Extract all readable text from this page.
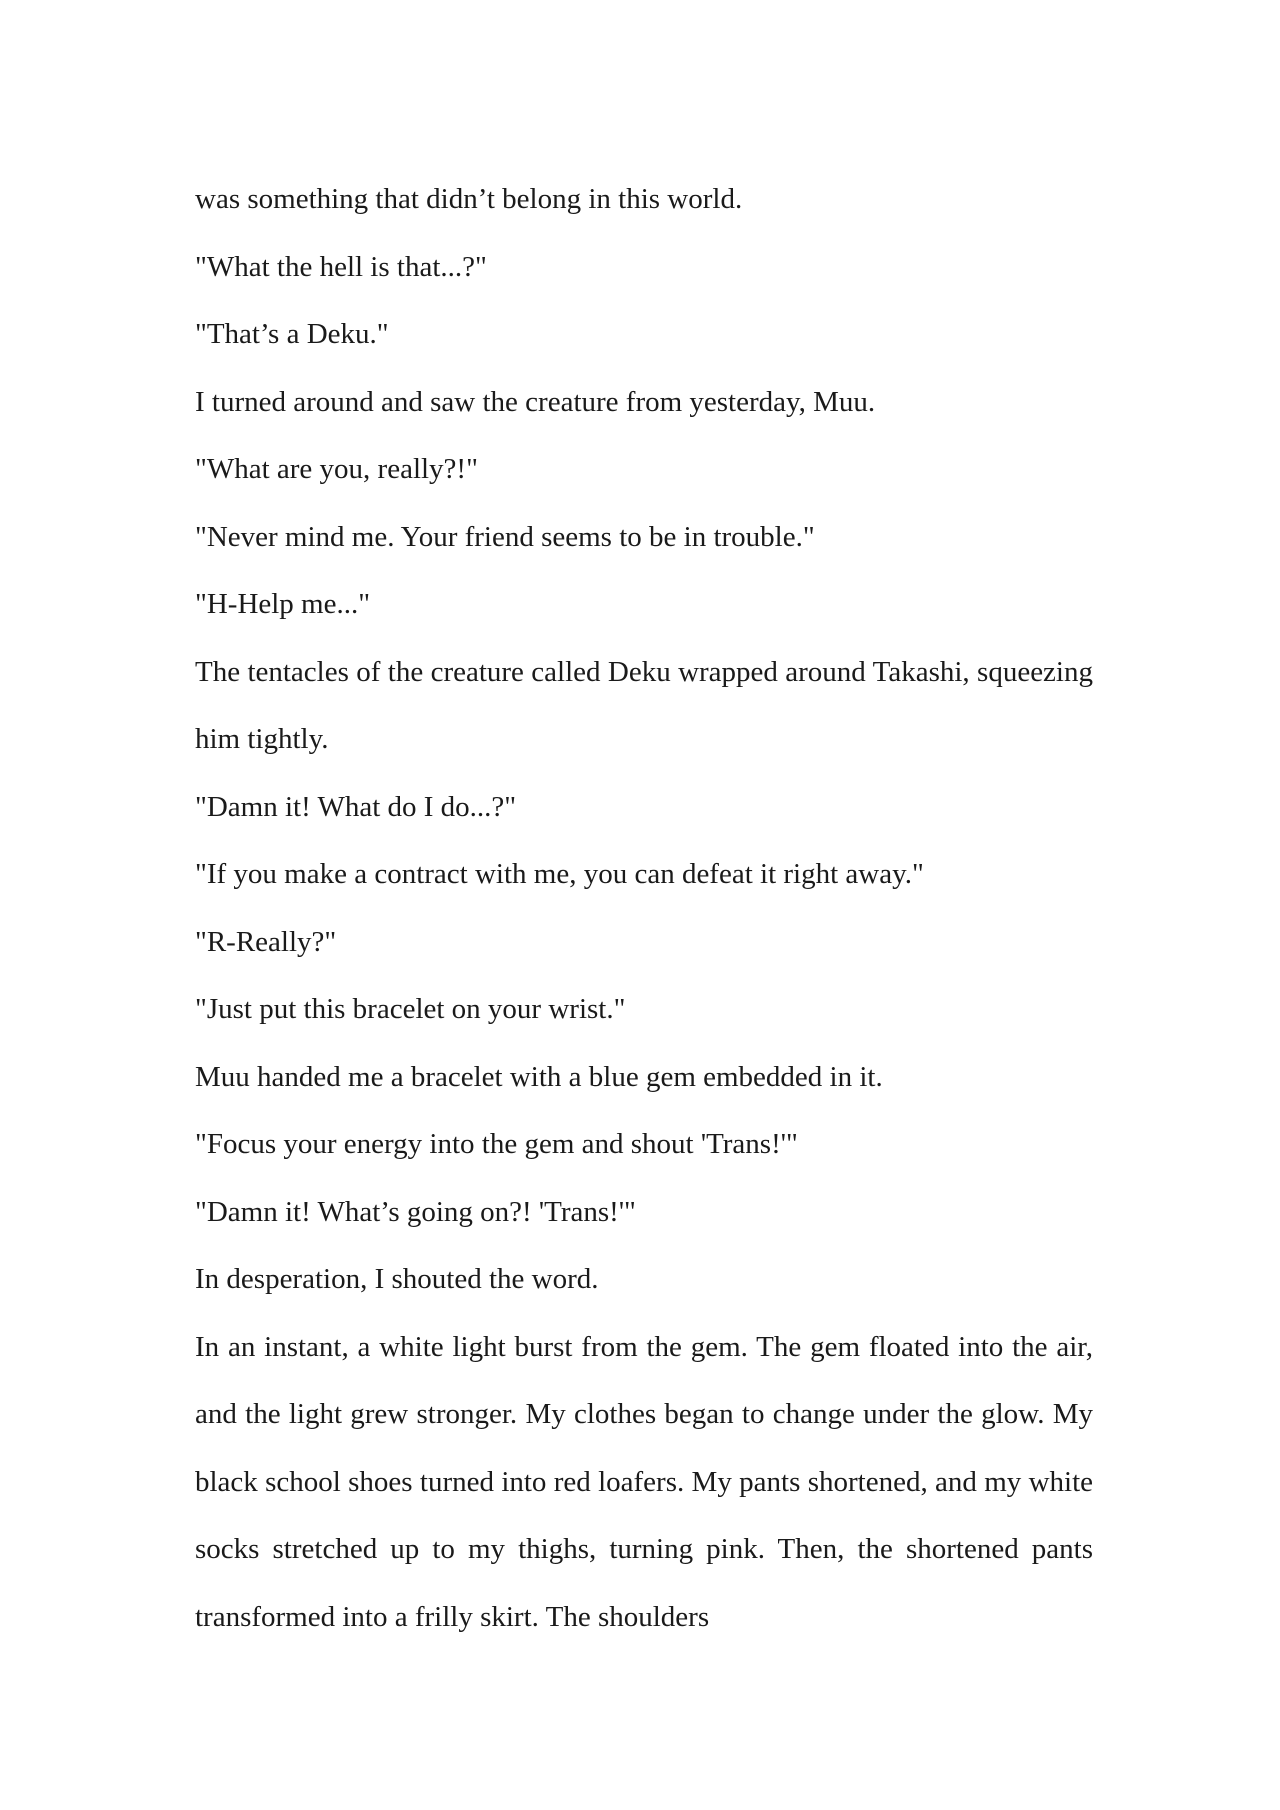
was something that didn’t belong in this world.

"What the hell is that...?"

"That’s a Deku."

I turned around and saw the creature from yesterday, Muu.

"What are you, really?!"

"Never mind me. Your friend seems to be in trouble."

"H-Help me..."

The tentacles of the creature called Deku wrapped around Takashi, squeezing him tightly.

"Damn it! What do I do...?"

"If you make a contract with me, you can defeat it right away."

"R-Really?"

"Just put this bracelet on your wrist."

Muu handed me a bracelet with a blue gem embedded in it.

"Focus your energy into the gem and shout 'Trans!'"

"Damn it! What’s going on?! 'Trans!'"

In desperation, I shouted the word.

In an instant, a white light burst from the gem. The gem floated into the air, and the light grew stronger. My clothes began to change under the glow. My black school shoes turned into red loafers. My pants shortened, and my white socks stretched up to my thighs, turning pink. Then, the shortened pants transformed into a frilly skirt. The shoulders
